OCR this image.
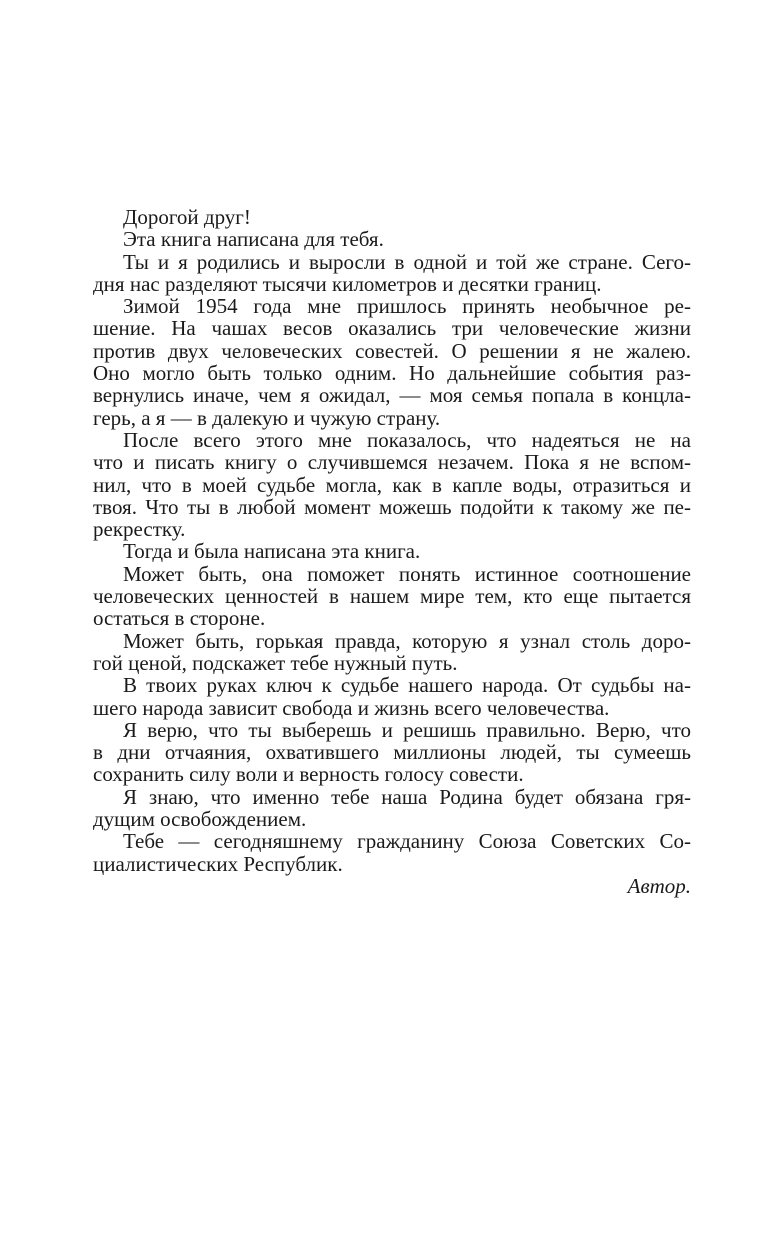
Дорогой друг!

Эта книга написана для тебя.

Ты и я родились и выросли в одной и той же стране. Сего-
дня нас разделяют тысячи километров и десятки границ.

Зимой 1954 года мне пришлось принять необычное ре-
шение. На чашах весов оказались три человеческие жизни
против двух человеческих совестей. О решении я не жалею.
Оно могло быть только одним. Но дальнейшие события раз-
вернулись иначе, чем я ожидал, — моя семья попала в концла-
герь, а я — в далекую и чужую страну.

После всего этого мне показалось, что надеяться не на
что и писать книгу о случившемся незачем. Пока я не вспом-
нил, что в моей судьбе могла, как в капле воды, отразиться и
твоя. Что ты в любой момент можешь подойти к такому же пе-
рекрестку.

Тогда и была написана эта книга.

Может быть, она поможет понять истинное соотношение
человеческих ценностей в нашем мире тем, кто еще пытается
остаться в стороне.

Может быть, горькая правда, которую я узнал столь доро-
гой ценой, подскажет тебе нужный путь.

В твоих руках ключ к судьбе нашего народа. От судьбы на-
шего народа зависит свобода и жизнь всего человечества.

Я верю, что ты выберешь и решишь правильно. Верю, что
в дни отчаяния, охватившего миллионы людей, ты сумеешь
сохранить силу воли и верность голосу совести.

Я знаю, что именно тебе наша Родина будет обязана гря-
дущим освобождением.

Тебе — сегодняшнему гражданину Союза Советских Со-
циалистических Республик.

Автор.
